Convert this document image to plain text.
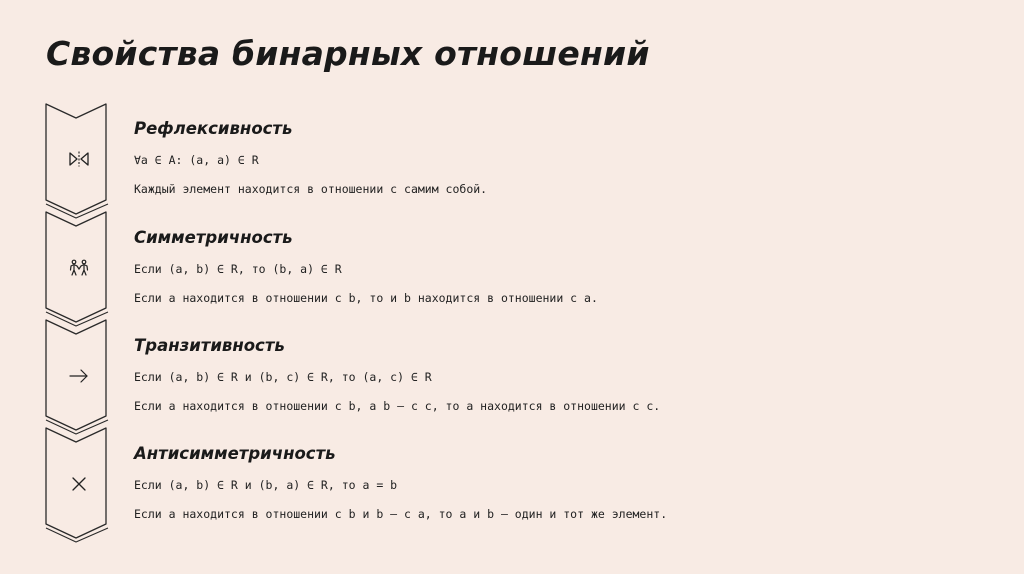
Свойства бинарных отношений
Рефлексивность
∀a ∈ A: (a, a) ∈ R
Каждый элемент находится в отношении с самим собой.
Симметричность
Если (a, b) ∈ R, то (b, a) ∈ R
Если a находится в отношении с b, то и b находится в отношении с a.
Транзитивность
Если (a, b) ∈ R и (b, c) ∈ R, то (a, c) ∈ R
Если a находится в отношении с b, а b – с c, то a находится в отношении с c.
Антисимметричность
Если (a, b) ∈ R и (b, a) ∈ R, то a = b
Если a находится в отношении с b и b – с a, то a и b – один и тот же элемент.
